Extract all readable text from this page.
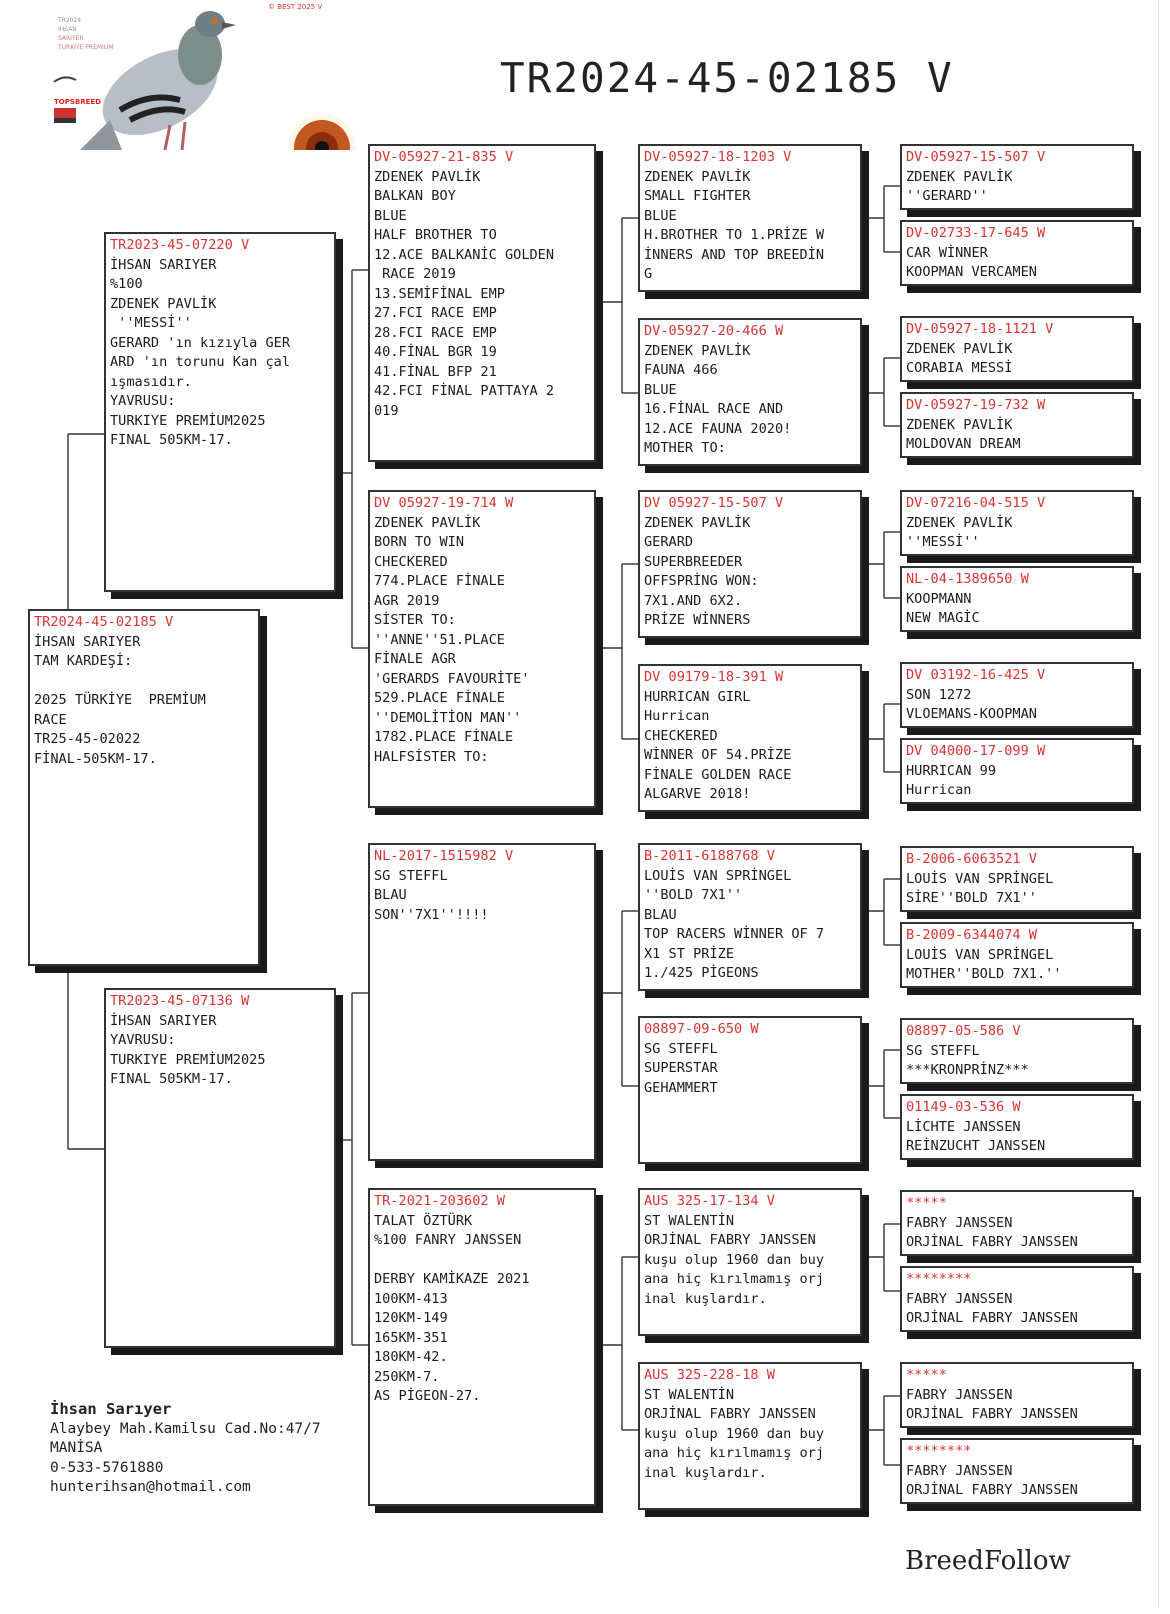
TR2024
IHSAN
SARIYER
TURKIYE PREMIUM
© BEST 2025 V
TOPSBREED	TR2024-45-02185 V
TR2024-45-02185 V
İHSAN SARIYER
TAM KARDEŞİ:

2025 TÜRKİYE  PREMİUM
RACE
TR25-45-02022
FİNAL-505KM-17.
TR2023-45-07220 V
İHSAN SARIYER
%100
ZDENEK PAVLİK
''MESSİ''
GERARD 'ın kızıyla GER
ARD 'ın torunu Kan çal
ışmasıdır.
YAVRUSU:
TURKIYE PREMİUM2025
FINAL 505KM-17.
TR2023-45-07136 W
İHSAN SARIYER
YAVRUSU:
TURKIYE PREMİUM2025
FINAL 505KM-17.
DV-05927-21-835 V
ZDENEK PAVLİK
BALKAN BOY
BLUE
HALF BROTHER TO
12.ACE BALKANİC GOLDEN
RACE 2019
13.SEMİFİNAL EMP
27.FCI RACE EMP
28.FCI RACE EMP
40.FİNAL BGR 19
41.FİNAL BFP 21
42.FCI FİNAL PATTAYA 2
019
DV 05927-19-714 W
ZDENEK PAVLİK
BORN TO WIN
CHECKERED
774.PLACE FİNALE
AGR 2019
SİSTER TO:
''ANNE''51.PLACE
FİNALE AGR
'GERARDS FAVOURİTE'
529.PLACE FİNALE
''DEMOLİTİON MAN''
1782.PLACE FİNALE
HALFSİSTER TO:
NL-2017-1515982 V
SG STEFFL
BLAU
SON''7X1''!!!!
TR-2021-203602 W
TALAT ÖZTÜRK
%100 FANRY JANSSEN

DERBY KAMİKAZE 2021
100KM-413
120KM-149
165KM-351
180KM-42.
250KM-7.
AS PİGEON-27.
DV-05927-18-1203 V
ZDENEK PAVLİK
SMALL FIGHTER
BLUE
H.BROTHER TO 1.PRİZE W
İNNERS AND TOP BREEDİN
G
DV-05927-20-466 W
ZDENEK PAVLİK
FAUNA 466
BLUE
16.FİNAL RACE AND
12.ACE FAUNA 2020!
MOTHER TO:
DV 05927-15-507 V
ZDENEK PAVLİK
GERARD
SUPERBREEDER
OFFSPRİNG WON:
7X1.AND 6X2.
PRİZE WİNNERS
DV 09179-18-391 W
HURRICAN GIRL
Hurrican
CHECKERED
WİNNER OF 54.PRİZE
FİNALE GOLDEN RACE
ALGARVE 2018!
B-2011-6188768 V
LOUİS VAN SPRİNGEL
''BOLD 7X1''
BLAU
TOP RACERS WİNNER OF 7
X1 ST PRİZE
1./425 PİGEONS
08897-09-650 W
SG STEFFL
SUPERSTAR
GEHAMMERT
AUS 325-17-134 V
ST WALENTİN
ORJİNAL FABRY JANSSEN
kuşu olup 1960 dan buy
ana hiç kırılmamış orj
inal kuşlardır.
AUS 325-228-18 W
ST WALENTİN
ORJİNAL FABRY JANSSEN
kuşu olup 1960 dan buy
ana hiç kırılmamış orj
inal kuşlardır.
DV-05927-15-507 V
ZDENEK PAVLİK
''GERARD''
DV-02733-17-645 W
CAR WİNNER
KOOPMAN VERCAMEN
DV-05927-18-1121 V
ZDENEK PAVLİK
CORABIA MESSİ
DV-05927-19-732 W
ZDENEK PAVLİK
MOLDOVAN DREAM
DV-07216-04-515 V
ZDENEK PAVLİK
''MESSİ''
NL-04-1389650 W
KOOPMANN
NEW MAGİC
DV 03192-16-425 V
SON 1272
VLOEMANS-KOOPMAN
DV 04000-17-099 W
HURRICAN 99
Hurrican
B-2006-6063521 V
LOUİS VAN SPRİNGEL
SİRE''BOLD 7X1''
B-2009-6344074 W
LOUİS VAN SPRİNGEL
MOTHER''BOLD 7X1.''
08897-05-586 V
SG STEFFL
***KRONPRİNZ***
01149-03-536 W
LİCHTE JANSSEN
REİNZUCHT JANSSEN
*****
FABRY JANSSEN
ORJİNAL FABRY JANSSEN
********
FABRY JANSSEN
ORJİNAL FABRY JANSSEN
*****
FABRY JANSSEN
ORJİNAL FABRY JANSSEN
********
FABRY JANSSEN
ORJİNAL FABRY JANSSEN
İhsan Sarıyer
Alaybey Mah.Kamilsu Cad.No:47/7
MANİSA
0-533-5761880
hunterihsan@hotmail.com
BreedFollow
